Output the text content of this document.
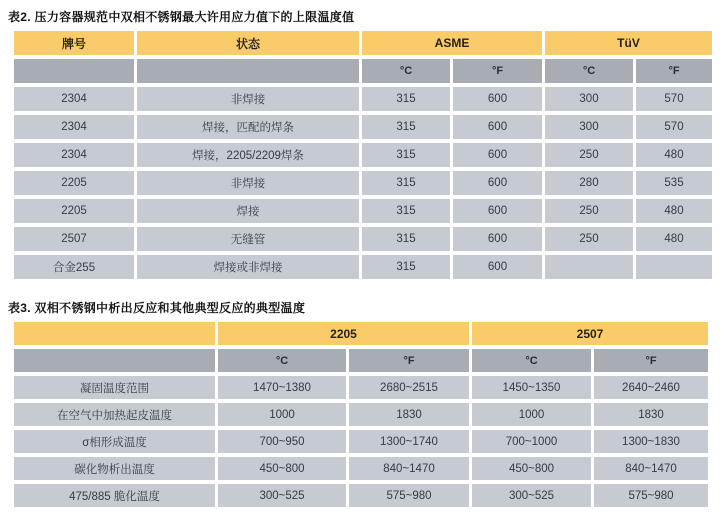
表2. 压力容器规范中双相不锈钢最大许用应力值下的上限温度值

牌号	状态	ASME		TüV	
		°C	°F	°C	°F
2304	非焊接	315	600	300	570
2304	焊接，匹配的焊条	315	600	300	570
2304	焊接，2205/2209焊条	315	600	250	480
2205	非焊接	315	600	280	535
2205	焊接	315	600	250	480
2507	无缝管	315	600	250	480
合金255	焊接或非焊接	315	600		

表3. 双相不锈钢中析出反应和其他典型反应的典型温度

	2205		2507	
	°C	°F	°C	°F
凝固温度范围	1470~1380	2680~2515	1450~1350	2640~2460
在空气中加热起皮温度	1000	1830	1000	1830
σ相形成温度	700~950	1300~1740	700~1000	1300~1830
碳化物析出温度	450~800	840~1470	450~800	840~1470
475/885 脆化温度	300~525	575~980	300~525	575~980
